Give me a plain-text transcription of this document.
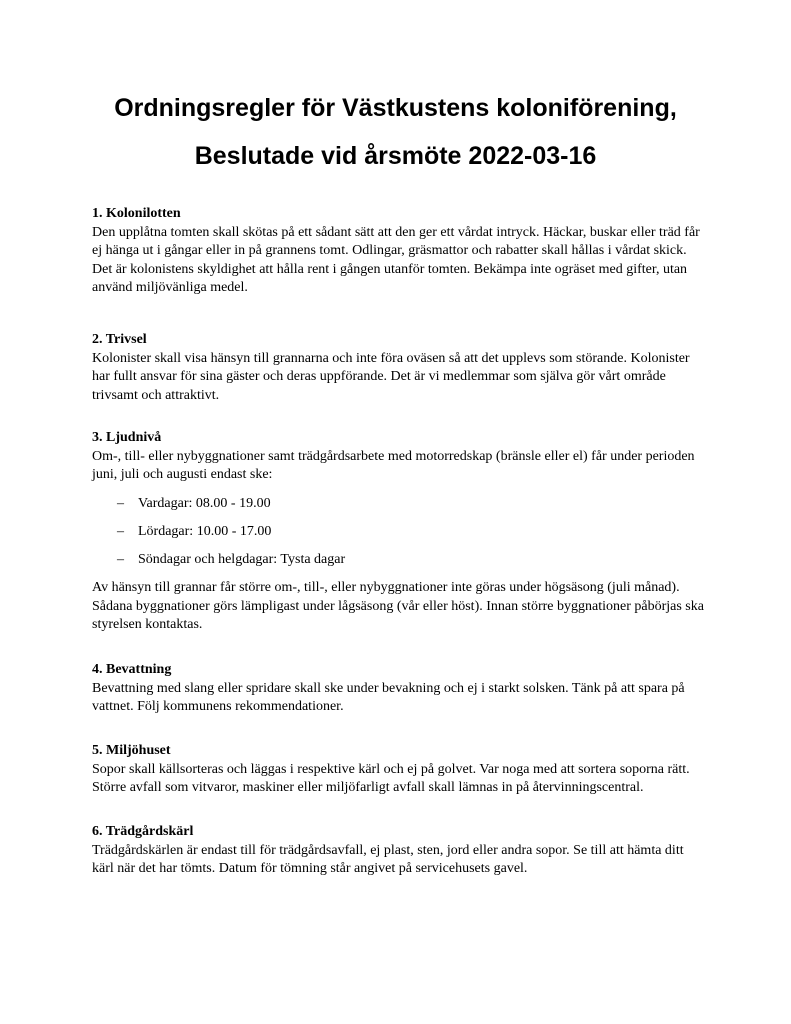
Ordningsregler för Västkustens koloniförening,
Beslutade vid årsmöte 2022-03-16
1. Kolonilotten

Den upplåtna tomten skall skötas på ett sådant sätt att den ger ett vårdat intryck. Häckar, buskar eller träd får ej hänga ut i gångar eller in på grannens tomt. Odlingar, gräsmattor och rabatter skall hållas i vårdat skick. Det är kolonistens skyldighet att hålla rent i gången utanför tomten. Bekämpa inte ogräset med gifter, utan använd miljövänliga medel.

2. Trivsel

Kolonister skall visa hänsyn till grannarna och inte föra oväsen så att det upplevs som störande. Kolonister har fullt ansvar för sina gäster och deras uppförande. Det är vi medlemmar som själva gör vårt område trivsamt och attraktivt.

3. Ljudnivå

Om-, till- eller nybyggnationer samt trädgårdsarbete med motorredskap (bränsle eller el) får under perioden juni, juli och augusti endast ske:

– Vardagar: 08.00 - 19.00
– Lördagar: 10.00 - 17.00
– Söndagar och helgdagar: Tysta dagar

Av hänsyn till grannar får större om-, till-, eller nybyggnationer inte göras under högsäsong (juli månad). Sådana byggnationer görs lämpligast under lågsäsong (vår eller höst). Innan större byggnationer påbörjas ska styrelsen kontaktas.

4. Bevattning

Bevattning med slang eller spridare skall ske under bevakning och ej i starkt solsken. Tänk på att spara på vattnet. Följ kommunens rekommendationer.

5. Miljöhuset

Sopor skall källsorteras och läggas i respektive kärl och ej på golvet. Var noga med att sortera soporna rätt. Större avfall som vitvaror, maskiner eller miljöfarligt avfall skall lämnas in på återvinningscentral.

6. Trädgårdskärl

Trädgårdskärlen är endast till för trädgårdsavfall, ej plast, sten, jord eller andra sopor. Se till att hämta ditt kärl när det har tömts. Datum för tömning står angivet på servicehusets gavel.
